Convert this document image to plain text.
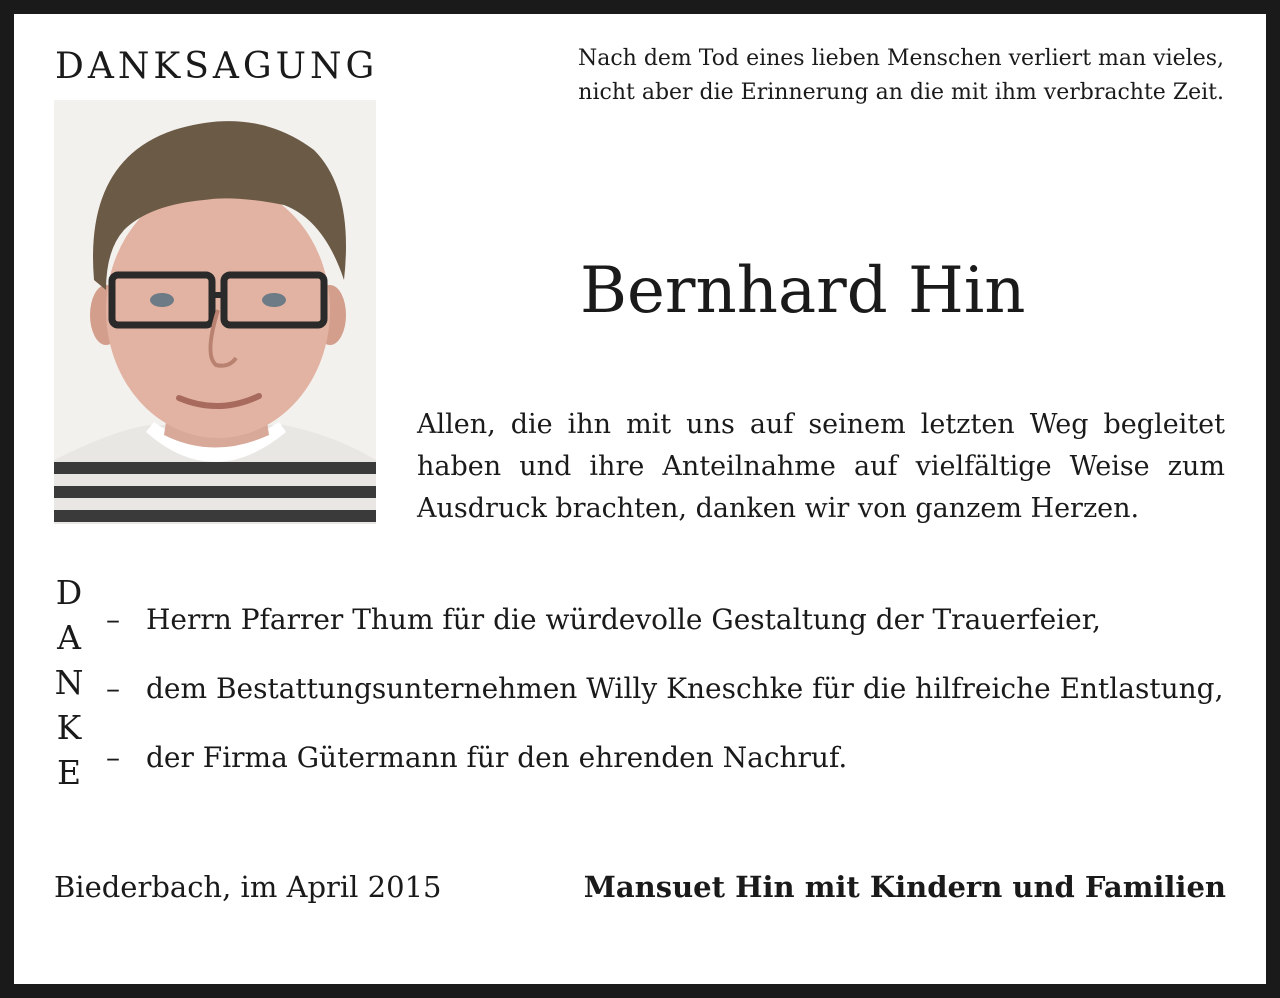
DANKSAGUNG	Nach dem Tod eines lieben Menschen verliert man vieles,
nicht aber die Erinnerung an die mit ihm verbrachte Zeit.
Bernhard Hin
Allen, die ihn mit uns auf seinem letzten Weg begleitet haben und ihre Anteilnahme auf vielfältige Weise zum Ausdruck brachten, danken wir von ganzem Herzen.
D
A
N
K
E
– Herrn Pfarrer Thum für die würdevolle Gestaltung der Trauerfeier,
– dem Bestattungsunternehmen Willy Kneschke für die hilfreiche Entlastung,
– der Firma Gütermann für den ehrenden Nachruf.
Biederbach, im April 2015	Mansuet Hin mit Kindern und Familien
